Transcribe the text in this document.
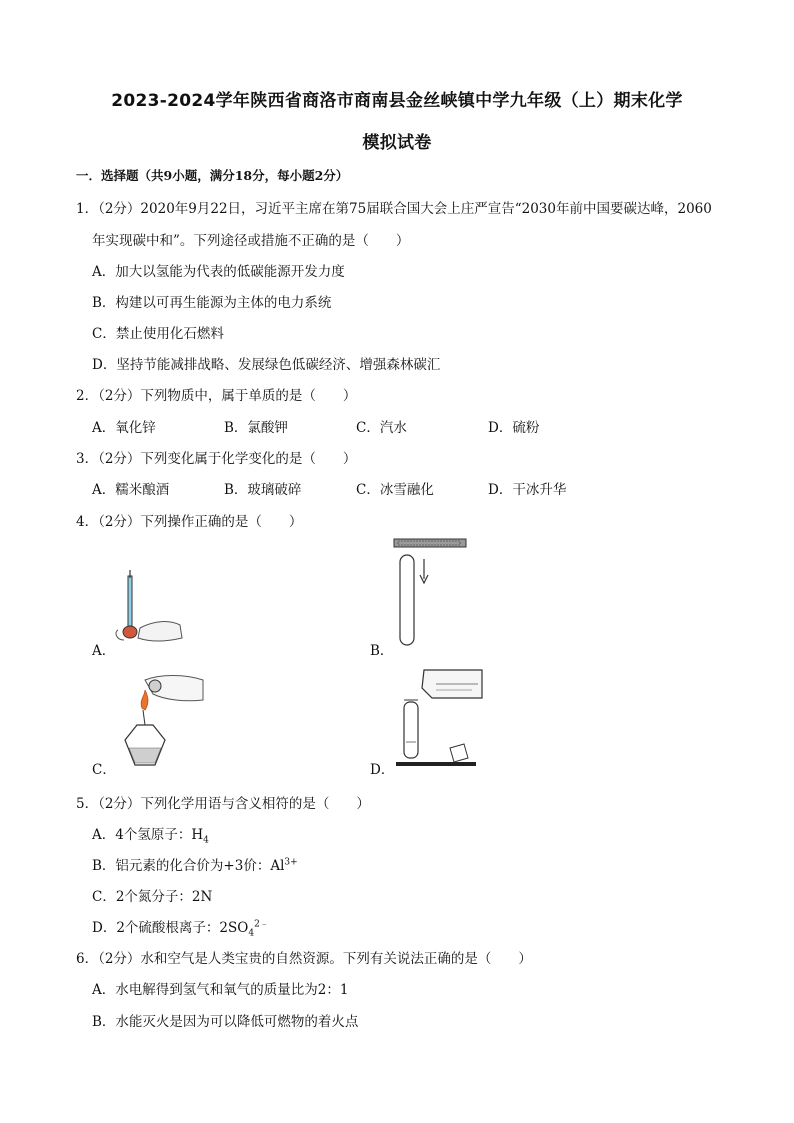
2023-2024学年陕西省商洛市商南县金丝峡镇中学九年级（上）期末化学
模拟试卷
一．选择题（共9小题，满分18分，每小题2分）
1．（2分）2020年9月22日，习近平主席在第75届联合国大会上庄严宣告“2030年前中国要碳达峰，2060
年实现碳中和”。下列途径或措施不正确的是（　　）
A．加大以氢能为代表的低碳能源开发力度
B．构建以可再生能源为主体的电力系统
C．禁止使用化石燃料
D．坚持节能减排战略、发展绿色低碳经济、增强森林碳汇
2．（2分）下列物质中，属于单质的是（　　）
A．氧化锌	B．氯酸钾	C．汽水	D．硫粉
3．（2分）下列变化属于化学变化的是（　　）
A．糯米酿酒	B．玻璃破碎	C．冰雪融化	D．干冰升华
4．（2分）下列操作正确的是（　　）
A．	B．
C．	D．
5．（2分）下列化学用语与含义相符的是（　　）
A．4个氢原子：$H_4$
B．铝元素的化合价为+3价：$Al^{3+}$
C．2个氮分子：2N
D．2个硫酸根离子：$2SO_4^{2﹣}$
6．（2分）水和空气是人类宝贵的自然资源。下列有关说法正确的是（　　）
A．水电解得到氢气和氧气的质量比为2：1
B．水能灭火是因为可以降低可燃物的着火点
